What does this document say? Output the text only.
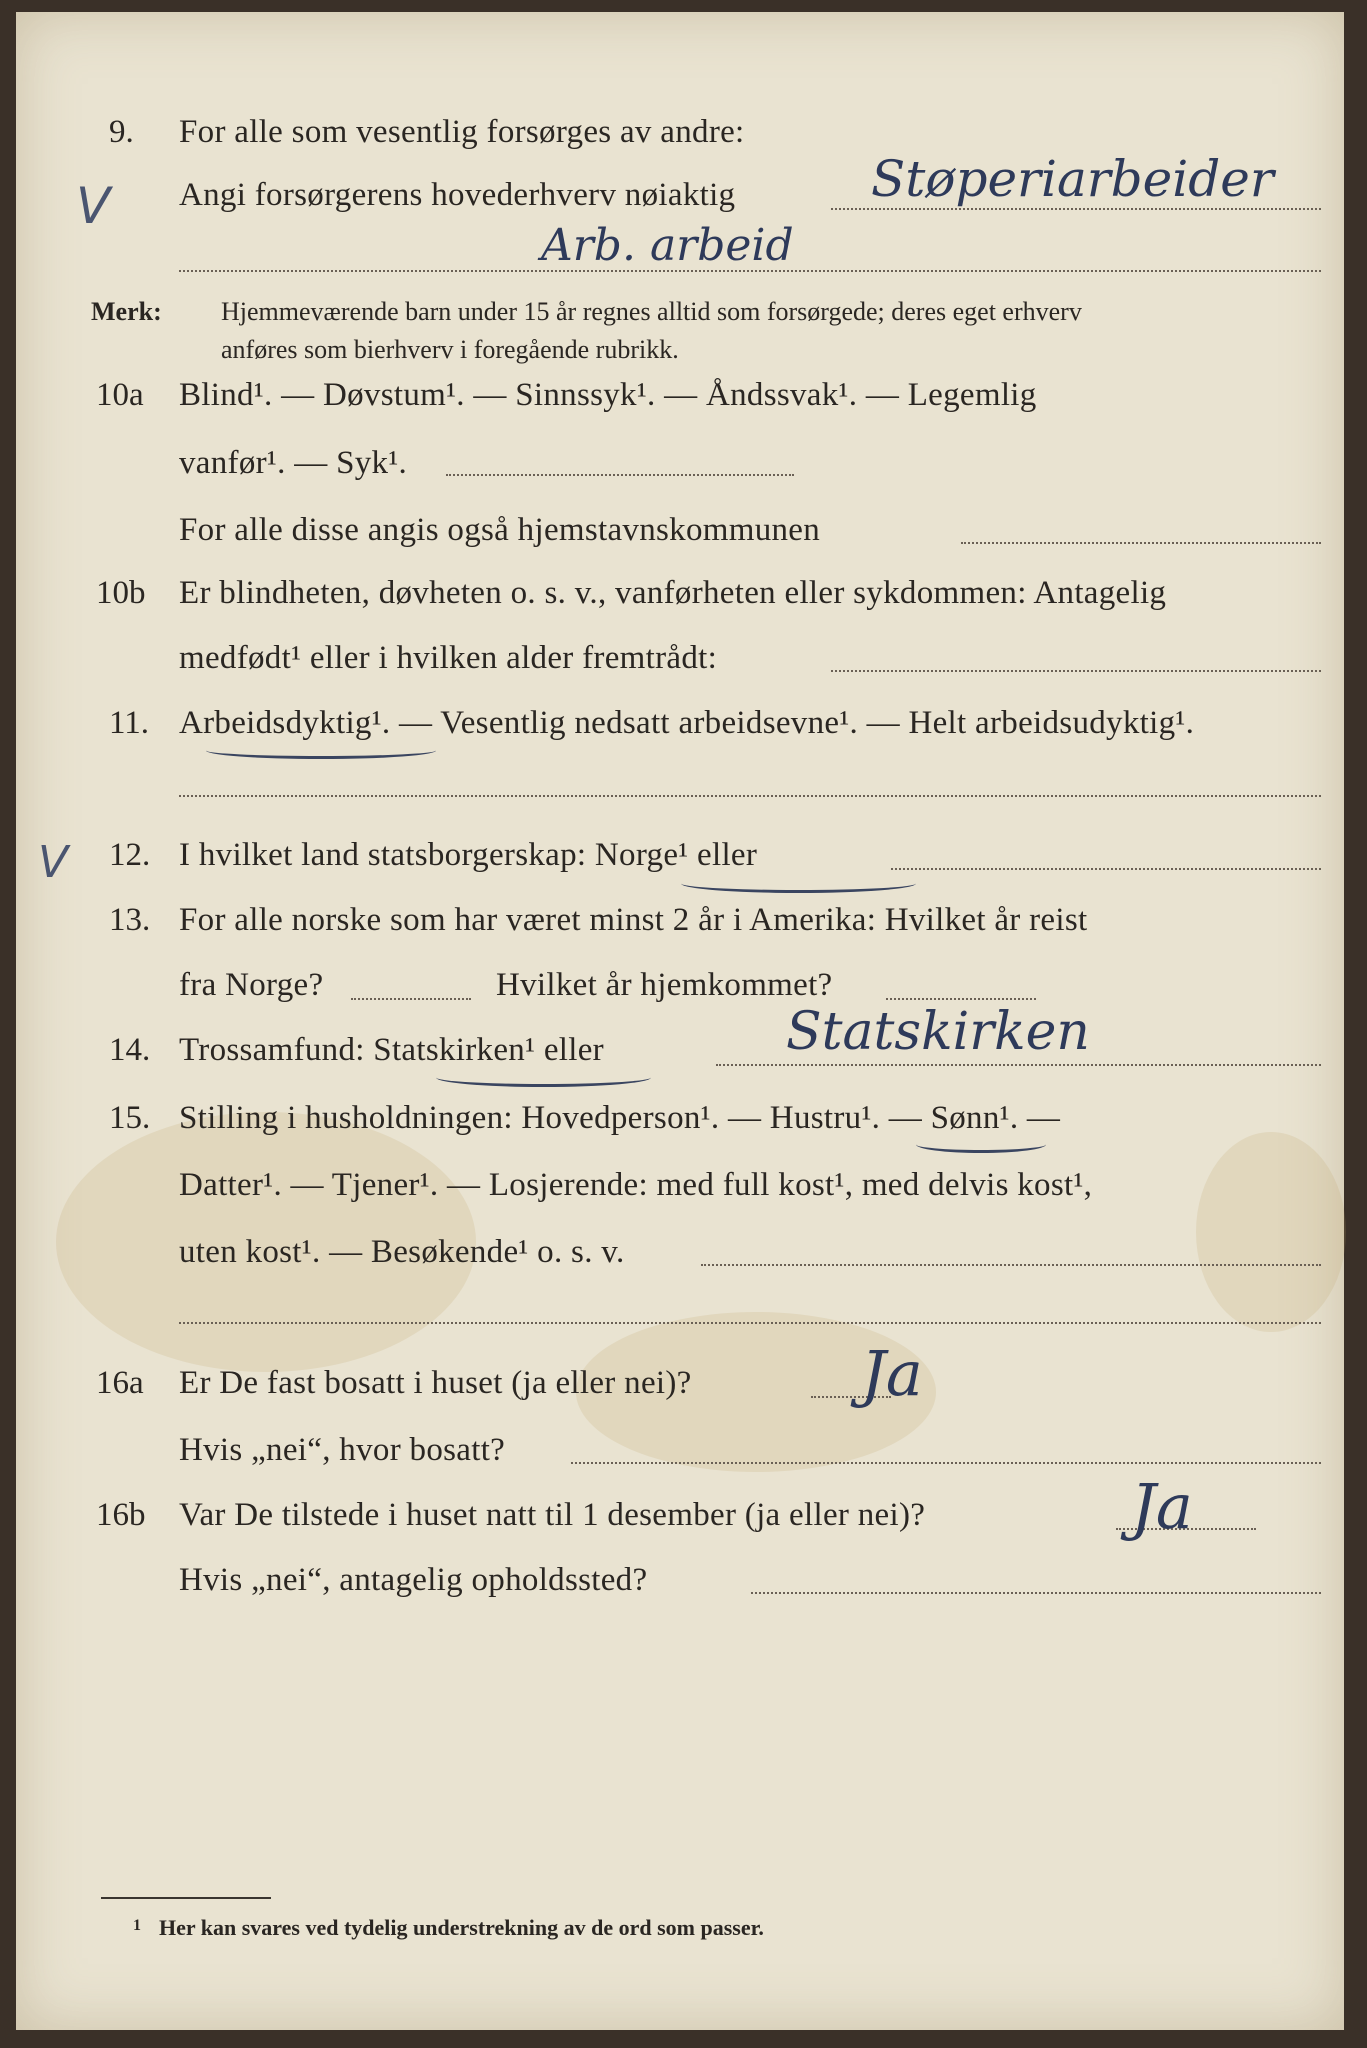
9. For alle som vesentlig forsørges av andre:
V Angi forsørgerens hovederhverv nøiaktig	Støperiarbeider
Arb. arbeid
Merk: Hjemmeværende barn under 15 år regnes alltid som forsørgede; deres eget erhverv
anføres som bierhverv i foregående rubrikk.
10a Blind¹. — Døvstum¹. — Sinnssyk¹. — Åndssvak¹. — Legemlig
vanfør¹. — Syk¹.
For alle disse angis også hjemstavnskommunen
10b Er blindheten, døvheten o. s. v., vanførheten eller sykdommen: Antagelig
medfødt¹ eller i hvilken alder fremtrådt:
11. Arbeidsdyktig¹. — Vesentlig nedsatt arbeidsevne¹. — Helt arbeidsudyktig¹.
V 12. I hvilket land statsborgerskap: Norge¹ eller
13. For alle norske som har været minst 2 år i Amerika: Hvilket år reist
fra Norge?	Hvilket år hjemkommet?
14. Trossamfund: Statskirken¹ eller	Statskirken
15. Stilling i husholdningen: Hovedperson¹. — Hustru¹. — Sønn¹. —
Datter¹. — Tjener¹. — Losjerende: med full kost¹, med delvis kost¹,
uten kost¹. — Besøkende¹ o. s. v.
16a Er De fast bosatt i huset (ja eller nei)?	Ja
Hvis „nei“, hvor bosatt?
16b Var De tilstede i huset natt til 1 desember (ja eller nei)?	Ja
Hvis „nei“, antagelig opholdssted?
1 Her kan svares ved tydelig understrekning av de ord som passer.
